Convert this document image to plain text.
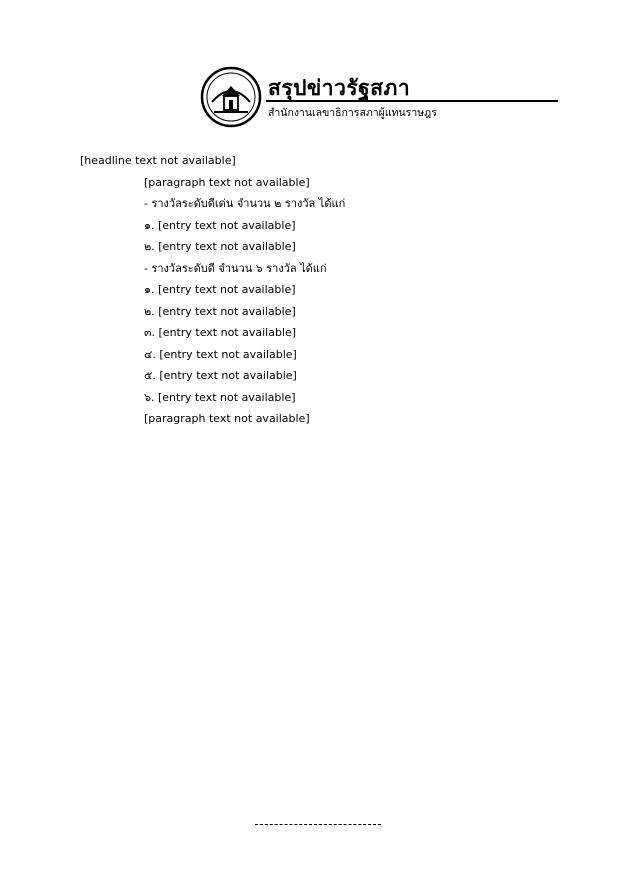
สรุปข่าวรัฐสภา
สำนักงานเลขาธิการสภาผู้แทนราษฎร

[headline text not available]

[paragraph text not available]

- รางวัลระดับดีเด่น จำนวน ๒ รางวัล ได้แก่

๑. [entry text not available]

๒. [entry text not available]

- รางวัลระดับดี จำนวน ๖ รางวัล ได้แก่

๑. [entry text not available]

๒. [entry text not available]

๓. [entry text not available]

๔. [entry text not available]

๕. [entry text not available]

๖. [entry text not available]

[paragraph text not available]
